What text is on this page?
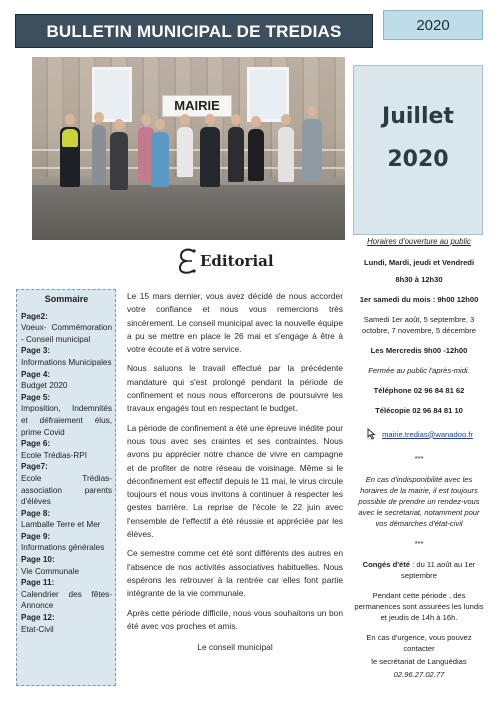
BULLETIN MUNICIPAL DE TREDIAS	2020
MAIRIE	Juillet
2020
Editorial
Sommaire
Page2:
Voeux- Commémoration - Conseil municipal
Page 3:
Informations Municipales
Page 4:
Budget 2020
Page 5:
Imposition, Indemnités et défraiement élus, prime Covid
Page 6:
Ecole Trédias-RPI
Page7:
Ecole Trédias-association parents d'élèves
Page 8:
Lamballe Terre et Mer
Page 9:
Informations générales
Page 10:
Vie Communale
Page 11:
Calendrier des fêtes- Annonce
Page 12:
Etat-Civil

Le 15 mars dernier, vous avez décidé de nous accorder votre confiance et nous vous remercions très sincèrement. Le conseil municipal avec la nouvelle équipe a pu se mettre en place le 26 mai et s'engage à être à votre écoute et à votre service.

Nous saluons le travail effectué par la précédente mandature qui s'est prolongé pendant la période de confinement et nous nous efforcerons de poursuivre les travaux engagés tout en respectant le budget.

La période de confinement a été une épreuve inédite pour nous tous avec ses craintes et ses contraintes. Nous avons pu apprécier notre chance de vivre en campagne et de profiter de notre réseau de voisinage. Même si le déconfinement est effectif depuis le 11 mai, le virus circule toujours et nous vous invitons à continuer à respecter les gestes barrière. La reprise de l'école le 22 juin avec l'ensemble de l'effectif a été réussie et appréciée par les élèves.

Ce semestre comme cet été sont différents des autres en l'absence de nos activités associatives habituelles. Nous espérons les retrouver à la rentrée car elles font partie intégrante de la vie communale.

Après cette période difficile, nous vous souhaitons un bon été avec vos proches et amis.

Le conseil municipal
Horaires d'ouverture au public
Lundi, Mardi, jeudi et Vendredi
8h30 à 12h30
1er samedi du mois : 9h00 12h00
Samedi 1er août, 5 septembre, 3 octobre, 7 novembre, 5 décembre
Les Mercredis 9h00 -12h00
Fermée au public l'après-midi.
Téléphone 02 96 84 81 62
Télécopie 02 96 84 81 10
mairie.tredias@wanadoo.fr
***
En cas d'indisponibilité avec les horaires de la mairie, il est toujours possible de prendre un rendez-vous avec le secrétariat, notamment pour vos démarches d'état-civil
***
Congés d'été : du 11 août au 1er septembre
Pendant cette période , des permanences sont assurées les lundis et jeudis de 14h à 16h.
En cas d'urgence, vous pouvez contacter
le secrétariat de Languédias
02.96.27.02.77
